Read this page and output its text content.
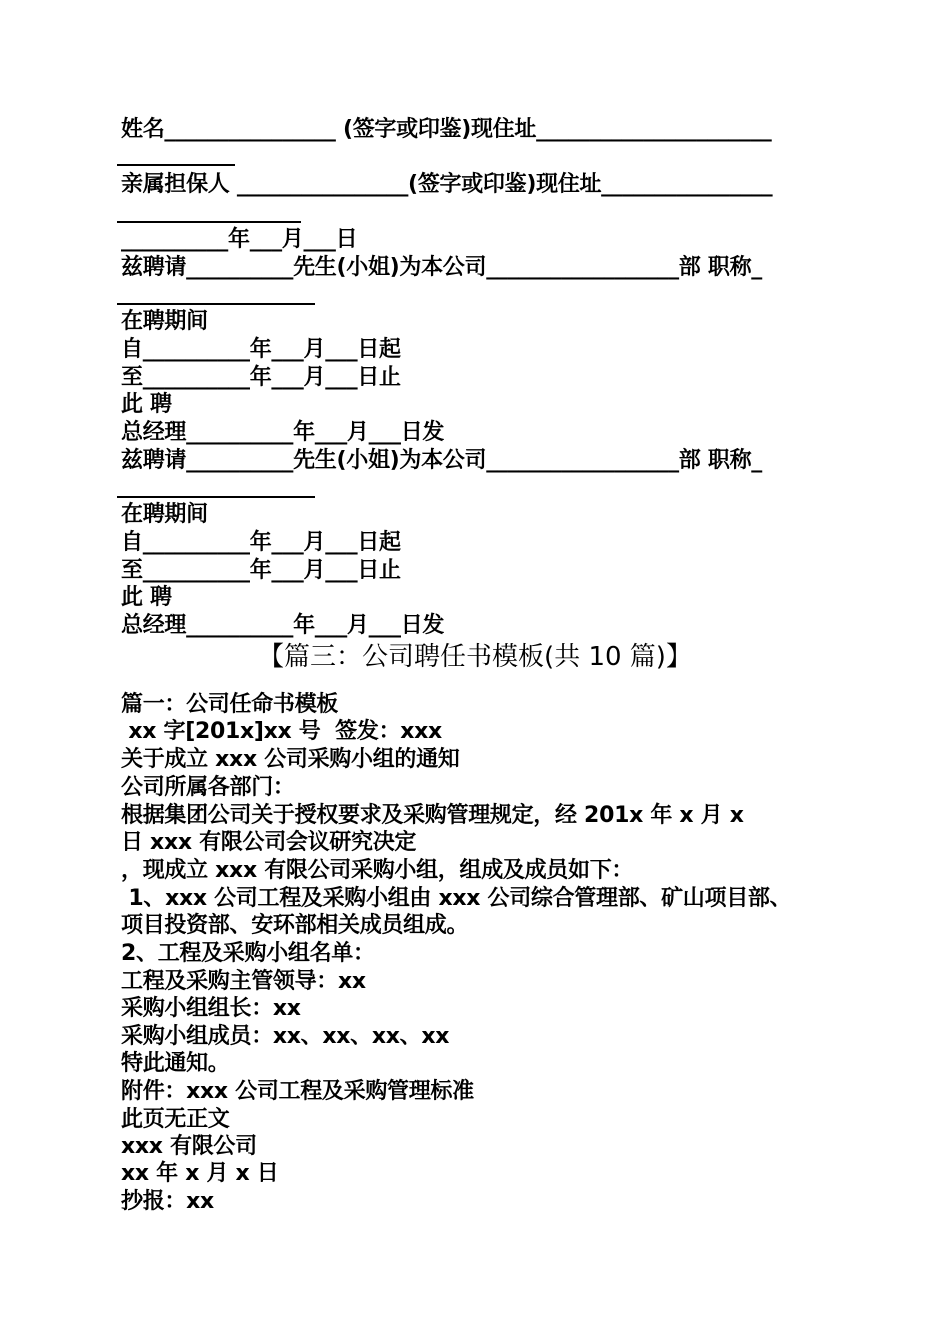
姓名________________ (签字或印鉴)现住址______________________
亲属担保人 ________________(签字或印鉴)现住址________________
__________年___月___日
兹聘请__________先生(小姐)为本公司__________________部 职称_
在聘期间
自__________年___月___日起
至__________年___月___日止
此 聘
总经理__________年___月___日发
兹聘请__________先生(小姐)为本公司__________________部 职称_
在聘期间
自__________年___月___日起
至__________年___月___日止
此 聘
总经理__________年___月___日发
【篇三：公司聘任书模板(共 10 篇)】
篇一：公司任命书模板
xx 字[201x]xx 号  签发：xxx
关于成立 xxx 公司采购小组的通知
公司所属各部门：
根据集团公司关于授权要求及采购管理规定，经 201x 年 x 月 x
日 xxx 有限公司会议研究决定
，现成立 xxx 有限公司采购小组，组成及成员如下：
1、xxx 公司工程及采购小组由 xxx 公司综合管理部、矿山项目部、
项目投资部、安环部相关成员组成。
2、工程及采购小组名单：
工程及采购主管领导：xx
采购小组组长：xx
采购小组成员：xx、xx、xx、xx
特此通知。
附件：xxx 公司工程及采购管理标准
此页无正文
xxx 有限公司
xx 年 x 月 x 日
抄报：xx
